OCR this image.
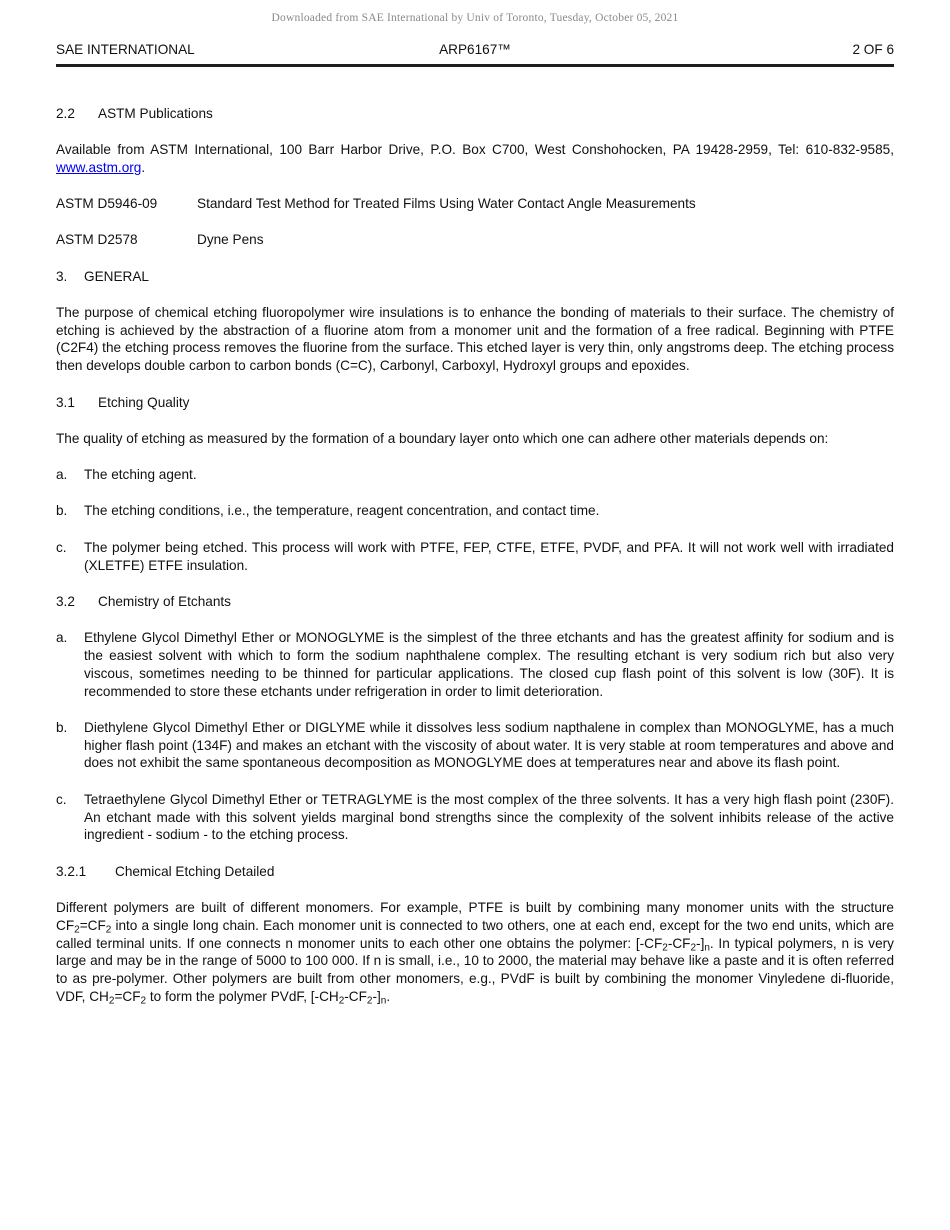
Downloaded from SAE International by Univ of Toronto, Tuesday, October 05, 2021
SAE INTERNATIONAL	ARP6167™	2 OF 6
2.2 ASTM Publications

Available from ASTM International, 100 Barr Harbor Drive, P.O. Box C700, West Conshohocken, PA 19428-2959, Tel: 610-832-9585, www.astm.org.

ASTM D5946-09	Standard Test Method for Treated Films Using Water Contact Angle Measurements
ASTM D2578	Dyne Pens
3. GENERAL

The purpose of chemical etching fluoropolymer wire insulations is to enhance the bonding of materials to their surface. The chemistry of etching is achieved by the abstraction of a fluorine atom from a monomer unit and the formation of a free radical. Beginning with PTFE (C2F4) the etching process removes the fluorine from the surface. This etched layer is very thin, only angstroms deep. The etching process then develops double carbon to carbon bonds (C=C), Carbonyl, Carboxyl, Hydroxyl groups and epoxides.

3.1 Etching Quality

The quality of etching as measured by the formation of a boundary layer onto which one can adhere other materials depends on:

a.	The etching agent.
b.	The etching conditions, i.e., the temperature, reagent concentration, and contact time.
c.	The polymer being etched. This process will work with PTFE, FEP, CTFE, ETFE, PVDF, and PFA. It will not work well with irradiated (XLETFE) ETFE insulation.
3.2 Chemistry of Etchants
a.	Ethylene Glycol Dimethyl Ether or MONOGLYME is the simplest of the three etchants and has the greatest affinity for sodium and is the easiest solvent with which to form the sodium naphthalene complex. The resulting etchant is very sodium rich but also very viscous, sometimes needing to be thinned for particular applications. The closed cup flash point of this solvent is low (30F). It is recommended to store these etchants under refrigeration in order to limit deterioration.
b.	Diethylene Glycol Dimethyl Ether or DIGLYME while it dissolves less sodium napthalene in complex than MONOGLYME, has a much higher flash point (134F) and makes an etchant with the viscosity of about water. It is very stable at room temperatures and above and does not exhibit the same spontaneous decomposition as MONOGLYME does at temperatures near and above its flash point.
c.	Tetraethylene Glycol Dimethyl Ether or TETRAGLYME is the most complex of the three solvents. It has a very high flash point (230F). An etchant made with this solvent yields marginal bond strengths since the complexity of the solvent inhibits release of the active ingredient - sodium - to the etching process.
3.2.1 Chemical Etching Detailed

Different polymers are built of different monomers. For example, PTFE is built by combining many monomer units with the structure $CF_2=CF_2$ into a single long chain. Each monomer unit is connected to two others, one at each end, except for the two end units, which are called terminal units. If one connects n monomer units to each other one obtains the polymer: $[-CF_2-CF_2-]_n$. In typical polymers, n is very large and may be in the range of 5000 to 100 000. If n is small, i.e., 10 to 2000, the material may behave like a paste and it is often referred to as pre-polymer. Other polymers are built from other monomers, e.g., PVdF is built by combining the monomer Vinyledene di-fluoride, VDF, $CH_2=CF_2$ to form the polymer PVdF, $[-CH_2-CF_2-]_n$.
